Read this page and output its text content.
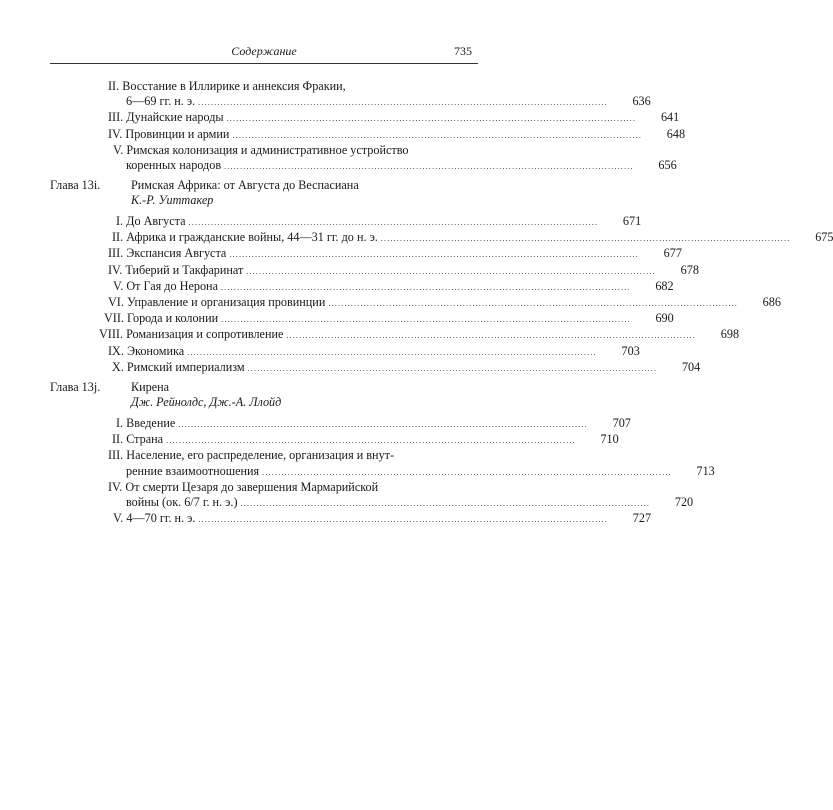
Содержание	735
II. Восстание в Иллирике и аннексия Фракии,
6—69 гг. н. э. ................................................................................................................................	636
III. Дунайские народы ................................................................................................................................	641
IV. Провинции и армии ................................................................................................................................	648
V. Римская колонизация и административное устройство
коренных народов ................................................................................................................................	656
Глава 13i.	Римская Африка: от Августа до Веспасиана
К.-Р. Уиттакер
I. До Августа ................................................................................................................................	671
II. Африка и гражданские войны, 44—31 гг. до н. э. ................................................................................................................................	675
III. Экспансия Августа ................................................................................................................................	677
IV. Тиберий и Такфаринат ................................................................................................................................	678
V. От Гая до Нерона ................................................................................................................................	682
VI. Управление и организация провинции ................................................................................................................................	686
VII. Города и колонии ................................................................................................................................	690
VIII. Романизация и сопротивление ................................................................................................................................	698
IX. Экономика ................................................................................................................................	703
X. Римский империализм ................................................................................................................................	704
Глава 13j.	Кирена
Дж. Рейнолдс, Дж.-А. Ллойд
I. Введение ................................................................................................................................	707
II. Страна ................................................................................................................................	710
III. Население, его распределение, организация и внут-
ренние взаимоотношения ................................................................................................................................	713
IV. От смерти Цезаря до завершения Мармарийской
войны (ок. 6/7 г. н. э.) ................................................................................................................................	720
V. 4—70 гг. н. э. ................................................................................................................................	727
